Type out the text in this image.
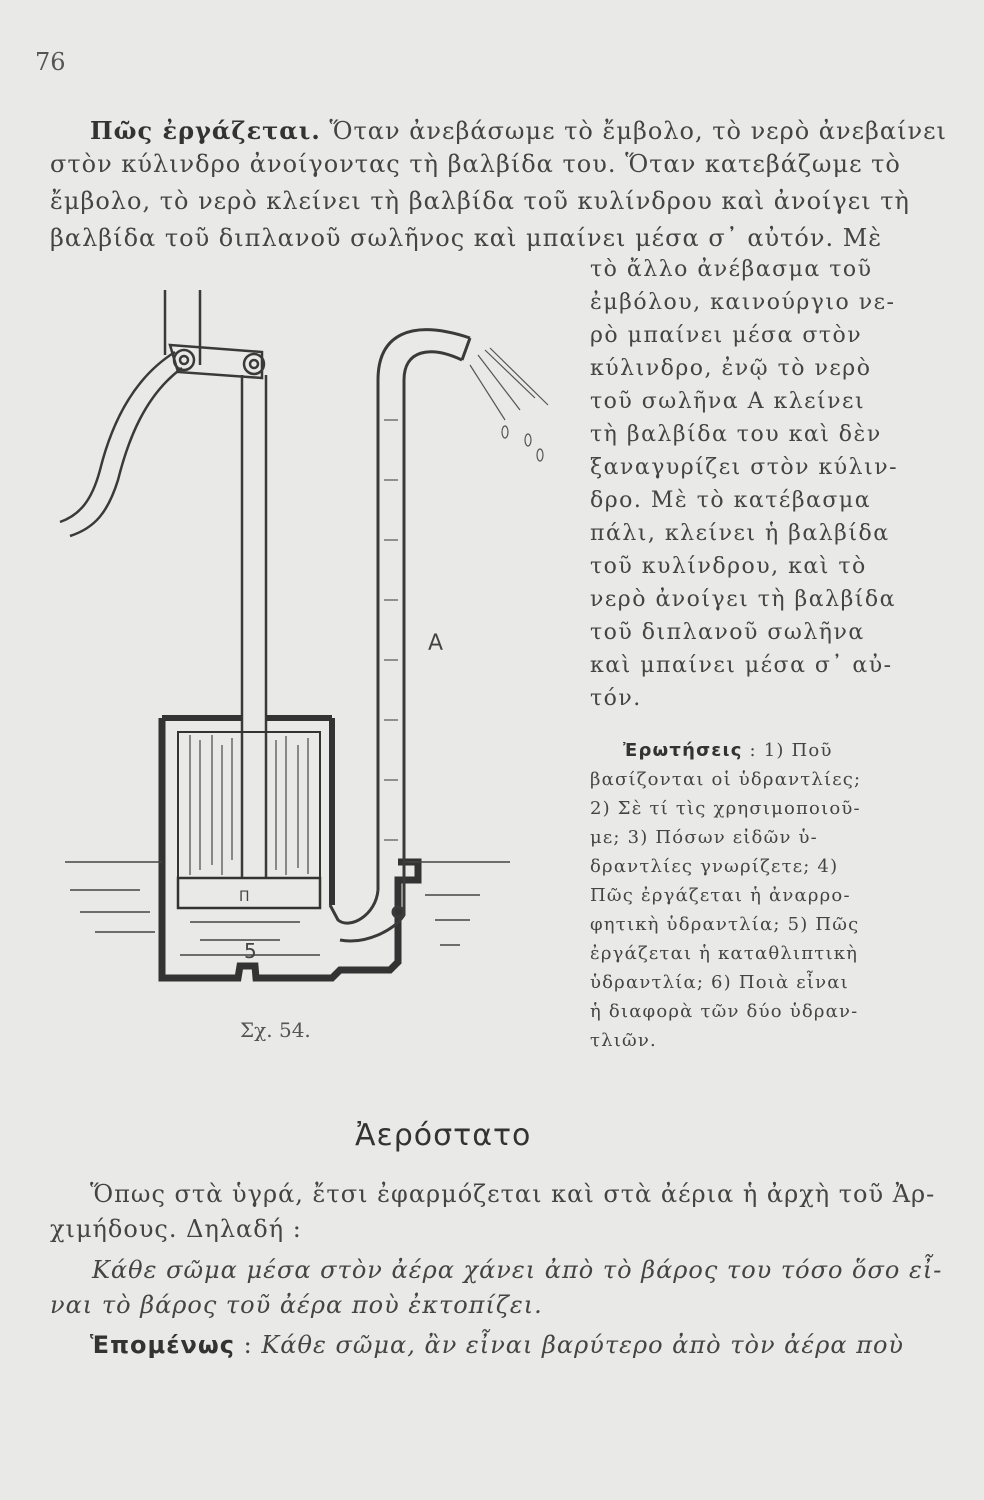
76
Πῶς ἐργάζεται. Ὅταν ἀνεβάσωμε τὸ ἔμβολο, τὸ νερὸ ἀνεβαίνει
στὸν κύλινδρο ἀνοίγοντας τὴ βαλβίδα του. Ὅταν κατεβάζωμε τὸ
ἔμβολο, τὸ νερὸ κλείνει τὴ βαλβίδα τοῦ κυλίνδρου καὶ ἀνοίγει τὴ
βαλβίδα τοῦ διπλανοῦ σωλῆνος καὶ μπαίνει μέσα σ᾿ αὐτόν. Μὲ
τὸ ἄλλο ἀνέβασμα τοῦ
ἐμβόλου, καινούργιο νε-
ρὸ μπαίνει μέσα στὸν
κύλινδρο, ἐνῷ τὸ νερὸ
τοῦ σωλῆνα Α κλείνει
τὴ βαλβίδα του καὶ δὲν
ξαναγυρίζει στὸν κύλιν-
δρο. Μὲ τὸ κατέβασμα
πάλι, κλείνει ἡ βαλβίδα
τοῦ κυλίνδρου, καὶ τὸ
νερὸ ἀνοίγει τὴ βαλβίδα
τοῦ διπλανοῦ σωλῆνα
καὶ μπαίνει μέσα σ᾿ αὐ-
τόν.
Ἐρωτήσεις : 1) Ποῦ
βασίζονται οἱ ὑδραντλίες;
2) Σὲ τί τὶς χρησιμοποιοῦ-
με; 3) Πόσων εἰδῶν ὑ-
δραντλίες γνωρίζετε; 4)
Πῶς ἐργάζεται ἡ ἀναρρο-
φητικὴ ὑδραντλία; 5) Πῶς
ἐργάζεται ἡ καταθλιπτικὴ
ὑδραντλία; 6) Ποιὰ εἶναι
ἡ διαφορὰ τῶν δύο ὑδραν-
τλιῶν.
Α
Π
5
Σχ. 54.
Ἀερόστατο
Ὅπως στὰ ὑγρά, ἔτσι ἐφαρμόζεται καὶ στὰ ἀέρια ἡ ἀρχὴ τοῦ Ἀρ-
χιμήδους. Δηλαδή :
Κάθε σῶμα μέσα στὸν ἀέρα χάνει ἀπὸ τὸ βάρος του τόσο ὅσο εἶ-
ναι τὸ βάρος τοῦ ἀέρα ποὺ ἐκτοπίζει.
Ἑπομένως : Κάθε σῶμα, ἂν εἶναι βαρύτερο ἀπὸ τὸν ἀέρα ποὺ
